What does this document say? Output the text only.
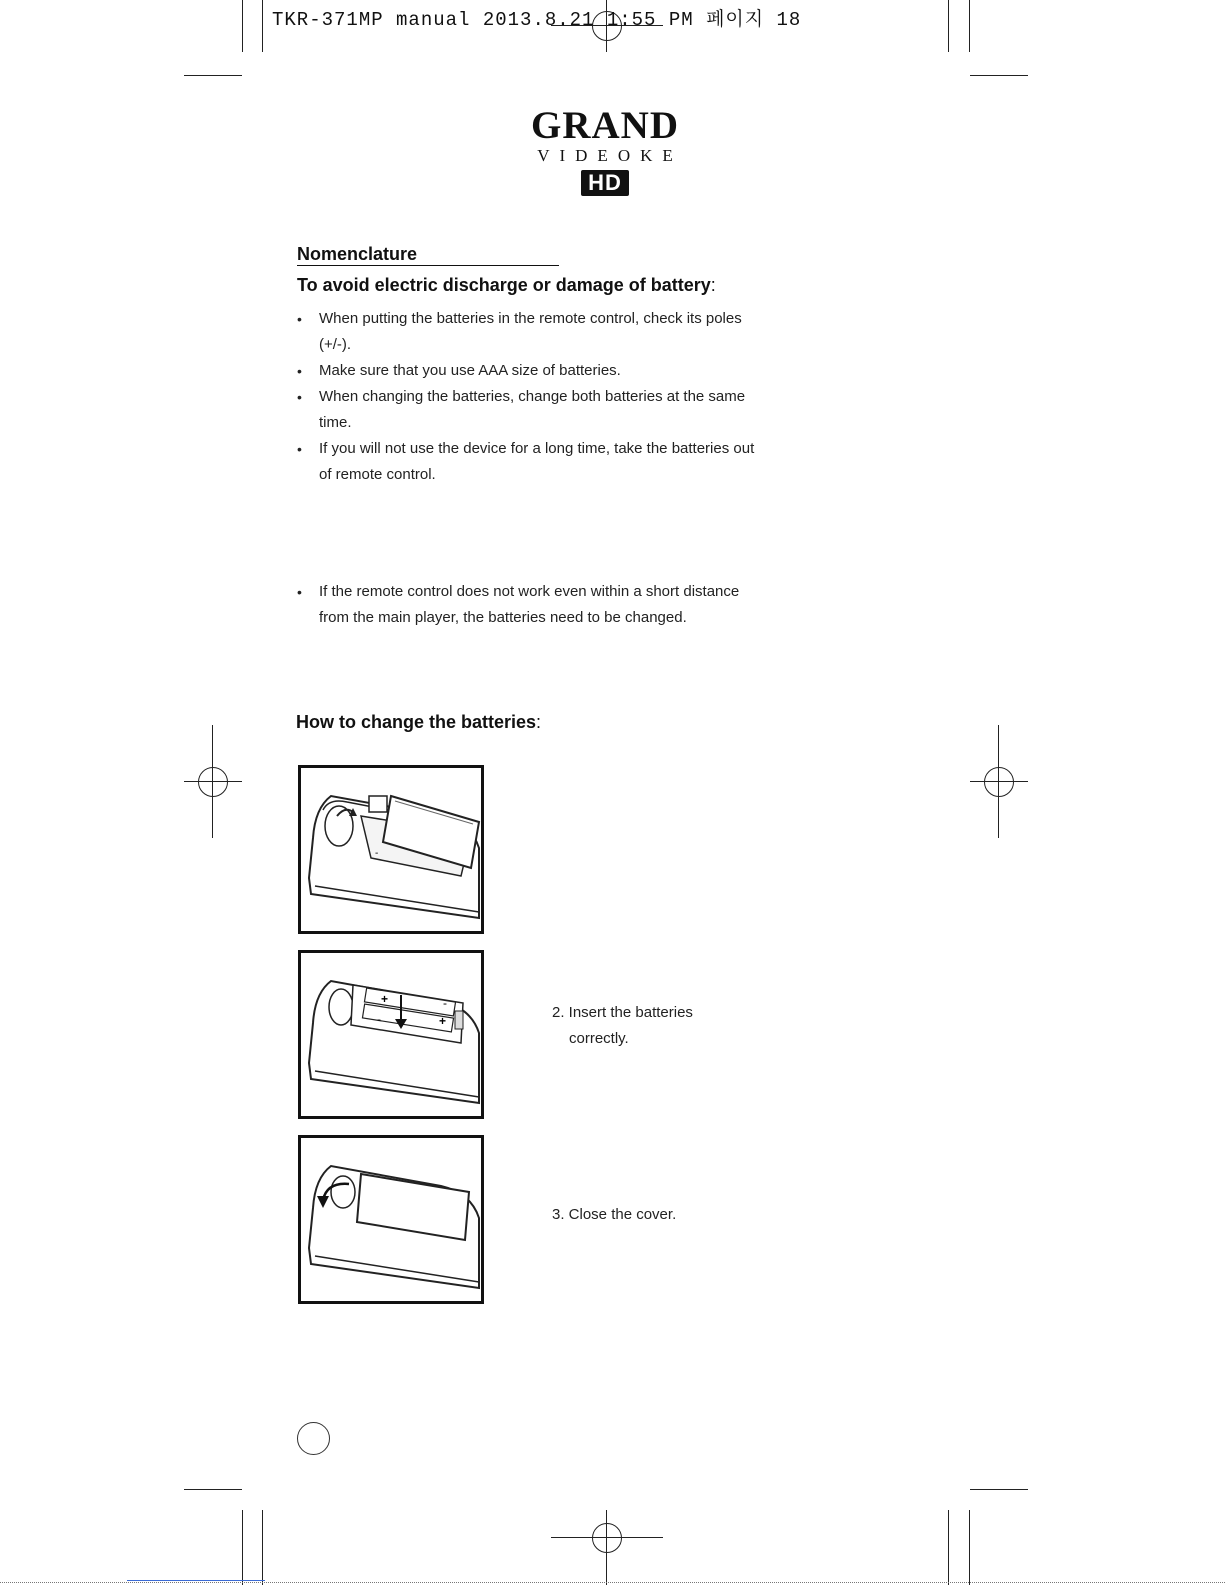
TKR-371MP manual 2013.8.21 1:55 PM 페이지 18
GRAND
VIDEOKE
HD
Nomenclature
To avoid electric discharge or damage of battery:
• When putting the batteries in the remote control, check its poles (+/-).
• Make sure that you use AAA size of batteries.
• When changing the batteries, change both batteries at the same time.
• If you will not use the device for a long time, take the batteries out of remote control.
• If the remote control does not work even within a short distance from the main player, the batteries need to be changed.
How to change the batteries:
-
+
+
-
-
2. Insert the batteries
correctly.
3. Close the cover.
